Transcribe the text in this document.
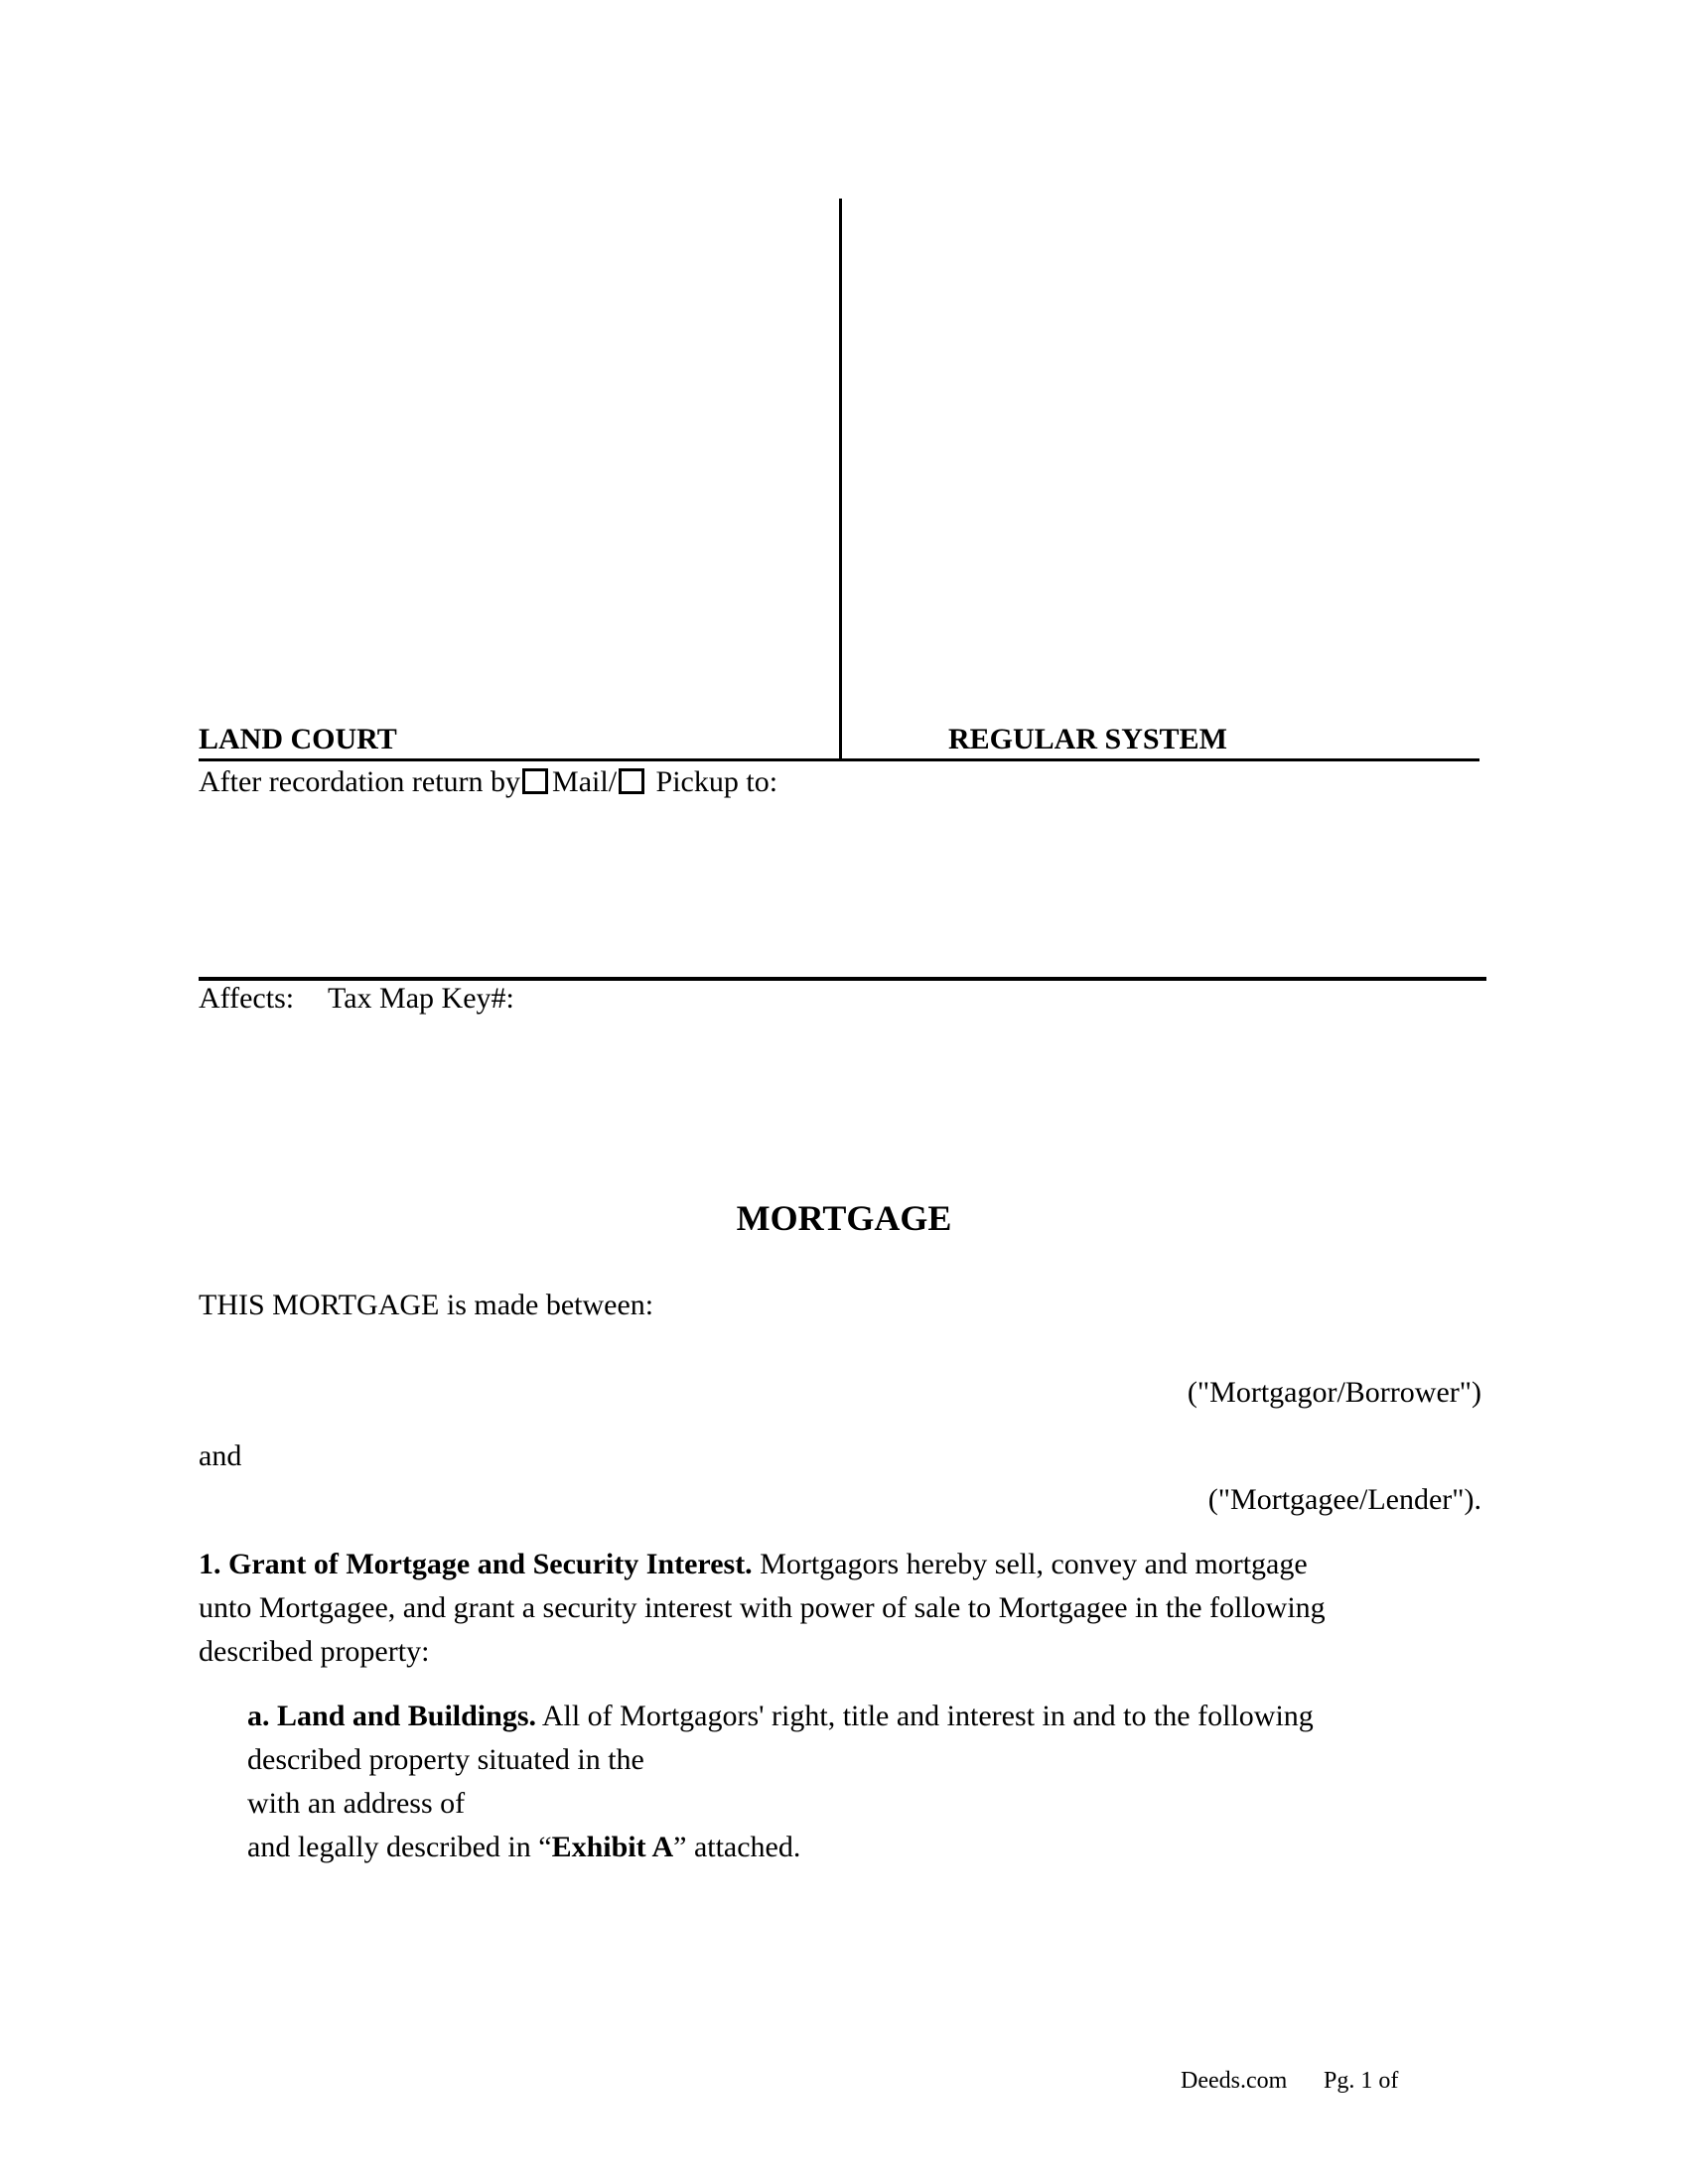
LAND COURT	REGULAR SYSTEM
After recordation return by Mail/ Pickup to:
Affects: Tax Map Key#:
MORTGAGE
THIS MORTGAGE is made between:
("Mortgagor/Borrower")
and
("Mortgagee/Lender").
1. Grant of Mortgage and Security Interest. Mortgagors hereby sell, convey and mortgage
unto Mortgagee, and grant a security interest with power of sale to Mortgagee in the following
described property:
a. Land and Buildings. All of Mortgagors' right, title and interest in and to the following
described property situated in the
with an address of
and legally described in “Exhibit A” attached.
Deeds.com Pg. 1 of
